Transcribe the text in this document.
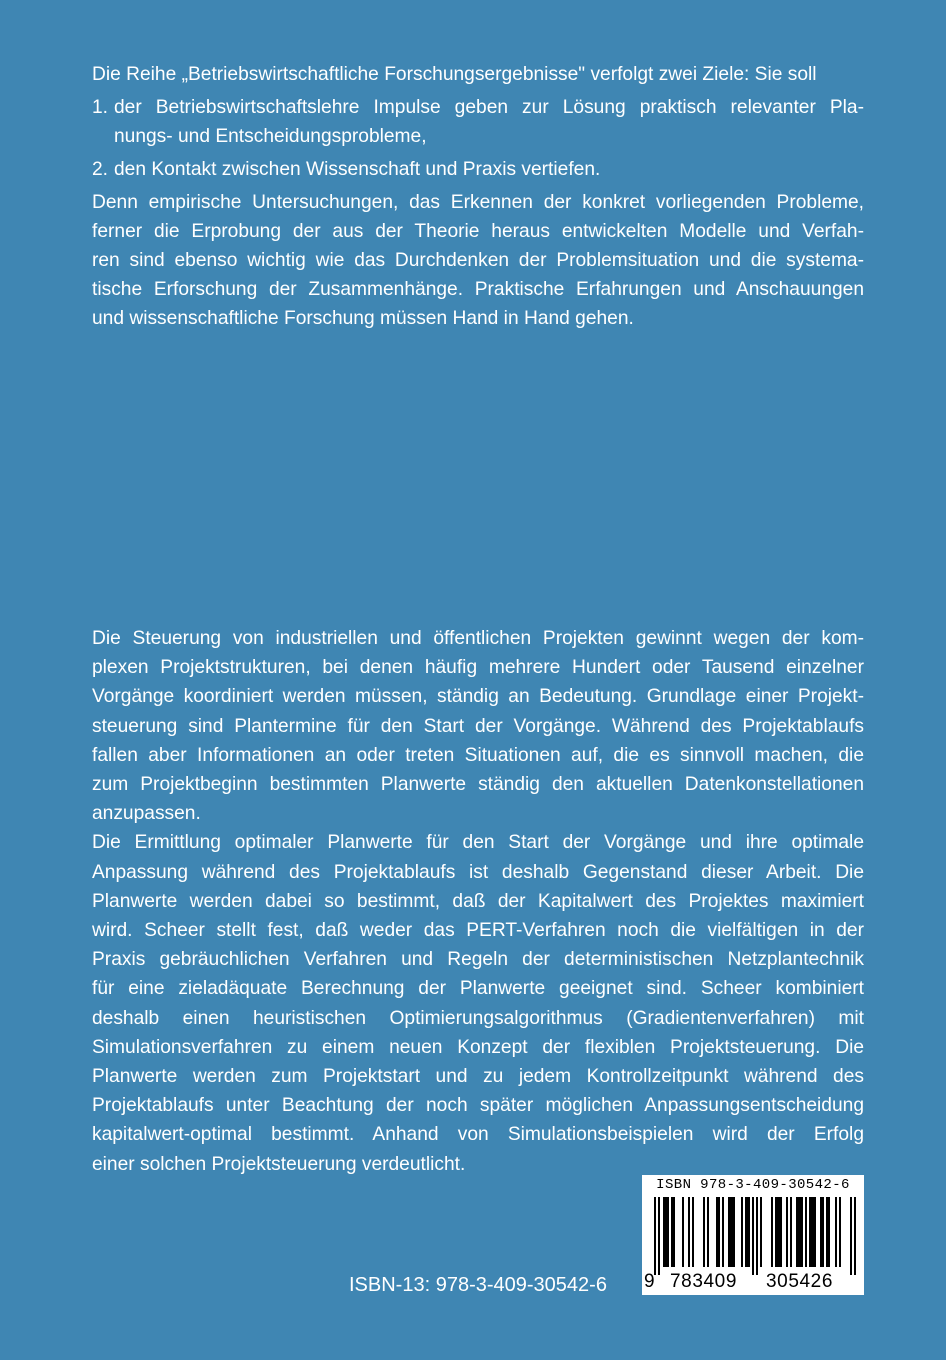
Die Reihe „Betriebswirtschaftliche Forschungsergebnisse" verfolgt zwei Ziele: Sie soll

1. der Betriebswirtschaftslehre Impulse geben zur Lösung praktisch relevanter Pla-
nungs- und Entscheidungsprobleme,
2. den Kontakt zwischen Wissenschaft und Praxis vertiefen.

Denn empirische Untersuchungen, das Erkennen der konkret vorliegenden Probleme,

ferner die Erprobung der aus der Theorie heraus entwickelten Modelle und Verfah-

ren sind ebenso wichtig wie das Durchdenken der Problemsituation und die systema-

tische Erforschung der Zusammenhänge. Praktische Erfahrungen und Anschauungen

und wissenschaftliche Forschung müssen Hand in Hand gehen.

Die Steuerung von industriellen und öffentlichen Projekten gewinnt wegen der kom-

plexen Projektstrukturen, bei denen häufig mehrere Hundert oder Tausend einzelner

Vorgänge koordiniert werden müssen, ständig an Bedeutung. Grundlage einer Projekt-

steuerung sind Plantermine für den Start der Vorgänge. Während des Projektablaufs

fallen aber Informationen an oder treten Situationen auf, die es sinnvoll machen, die

zum Projektbeginn bestimmten Planwerte ständig den aktuellen Datenkonstellationen

anzupassen.

Die Ermittlung optimaler Planwerte für den Start der Vorgänge und ihre optimale

Anpassung während des Projektablaufs ist deshalb Gegenstand dieser Arbeit. Die

Planwerte werden dabei so bestimmt, daß der Kapitalwert des Projektes maximiert

wird. Scheer stellt fest, daß weder das PERT-Verfahren noch die vielfältigen in der

Praxis gebräuchlichen Verfahren und Regeln der deterministischen Netzplantechnik

für eine zieladäquate Berechnung der Planwerte geeignet sind. Scheer kombiniert

deshalb einen heuristischen Optimierungsalgorithmus (Gradientenverfahren) mit

Simulationsverfahren zu einem neuen Konzept der flexiblen Projektsteuerung. Die

Planwerte werden zum Projektstart und zu jedem Kontrollzeitpunkt während des

Projektablaufs unter Beachtung der noch später möglichen Anpassungsentscheidung

kapitalwert-optimal bestimmt. Anhand von Simulationsbeispielen wird der Erfolg

einer solchen Projektsteuerung verdeutlicht.

ISBN 978-3-409-30542-6
9 783409 305426
ISBN-13: 978-3-409-30542-6
